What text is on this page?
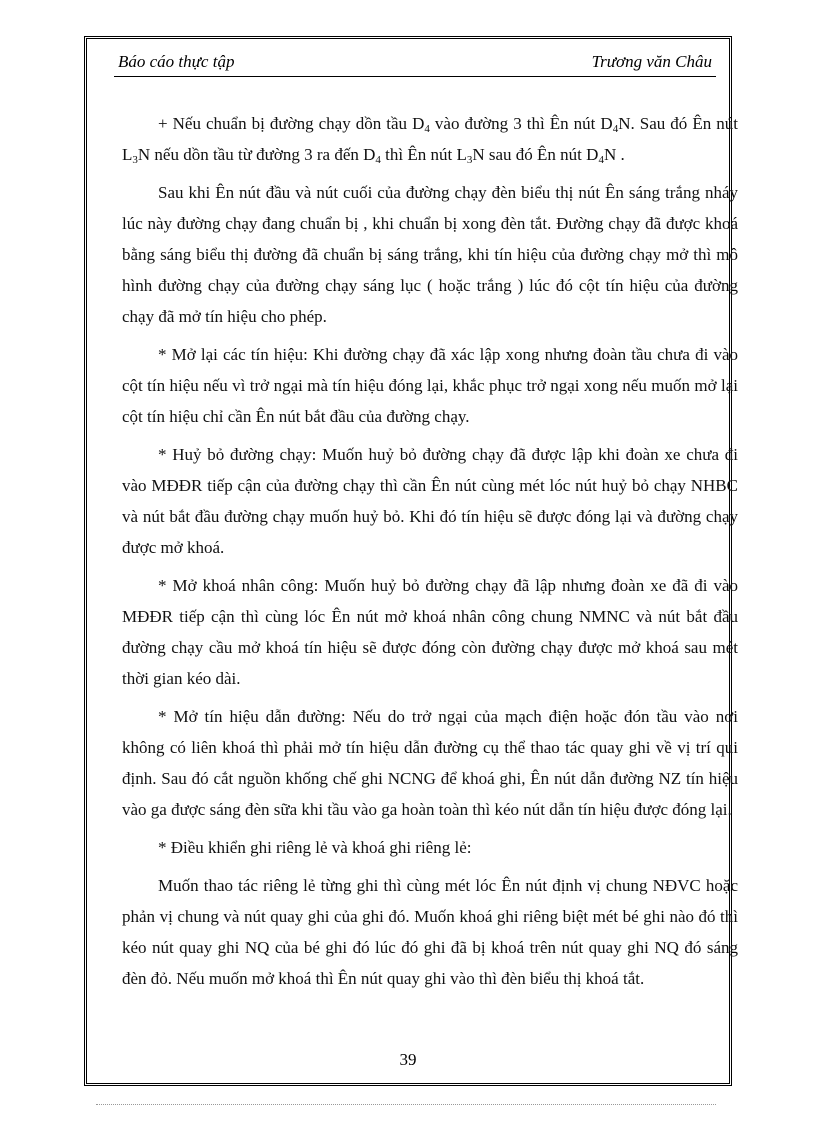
Báo cáo thực tập	Trương văn Châu

+ Nếu chuẩn bị đường chạy dồn tầu $D_4$ vào đường 3 thì Ên nút $D_4N$. Sau đó Ên nút $L_3N$ nếu dồn tầu từ đường 3 ra đến $D_4$ thì Ên nút $L_3N$ sau đó Ên nút $D_4N$ .

Sau khi Ên nút đầu và nút cuối của đường chạy đèn biểu thị nút Ên sáng trắng nháy lúc này đường chạy đang chuẩn bị , khi chuẩn bị xong đèn tắt. Đường chạy đã được khoá bằng sáng biểu thị đường đã chuẩn bị sáng trắng, khi tín hiệu của đường chạy mở thì mô hình đường chạy của đường chạy sáng lục ( hoặc trắng ) lúc đó cột tín hiệu của đường chạy đã mở tín hiệu cho phép.

* Mở lại các tín hiệu: Khi đường chạy đã xác lập xong nhưng đoàn tầu chưa đi vào cột tín hiệu nếu vì trở ngại mà tín hiệu đóng lại, khắc phục trở ngại xong nếu muốn mở lại cột tín hiệu chỉ cần Ên nút bắt đầu của đường chạy.

* Huỷ bỏ đường chạy: Muốn huỷ bỏ đường chạy đã được lập khi đoàn xe chưa đi vào MĐĐR tiếp cận của đường chạy thì cần Ên nút cùng mét lóc nút huỷ bỏ chạy NHBC và nút bắt đầu đường chạy muốn huỷ bỏ. Khi đó tín hiệu sẽ được đóng lại và đường chạy được mở khoá.

* Mở khoá nhân công: Muốn huỷ bỏ đường chạy đã lập nhưng đoàn xe đã đi vào MĐĐR tiếp cận thì cùng lóc Ên nút mở khoá nhân công chung NMNC và nút bắt đầu đường chạy cầu mở khoá tín hiệu sẽ được đóng còn đường chạy được mở khoá sau mét thời gian kéo dài.

* Mở tín hiệu dẫn đường: Nếu do trở ngại của mạch điện hoặc đón tầu vào nơi không có liên khoá thì phải mở tín hiệu dẫn đường cụ thể thao tác quay ghi về vị trí qui định. Sau đó cắt nguồn khống chế ghi NCNG để khoá ghi, Ên nút dẫn đường NZ tín hiệu vào ga được sáng đèn sữa khi tầu vào ga hoàn toàn thì kéo nút dẫn tín hiệu được đóng lại.

* Điều khiển ghi riêng lẻ và khoá ghi riêng lẻ:

Muốn thao tác riêng lẻ từng ghi thì cùng mét lóc Ên nút định vị chung NĐVC hoặc phản vị chung và nút quay ghi của ghi đó. Muốn khoá ghi riêng biệt mét bé ghi nào đó thì kéo nút quay ghi NQ của bé ghi đó lúc đó ghi đã bị khoá trên nút quay ghi NQ đó sáng đèn đỏ. Nếu muốn mở khoá thì Ên nút quay ghi vào thì đèn biểu thị khoá tắt.

39
